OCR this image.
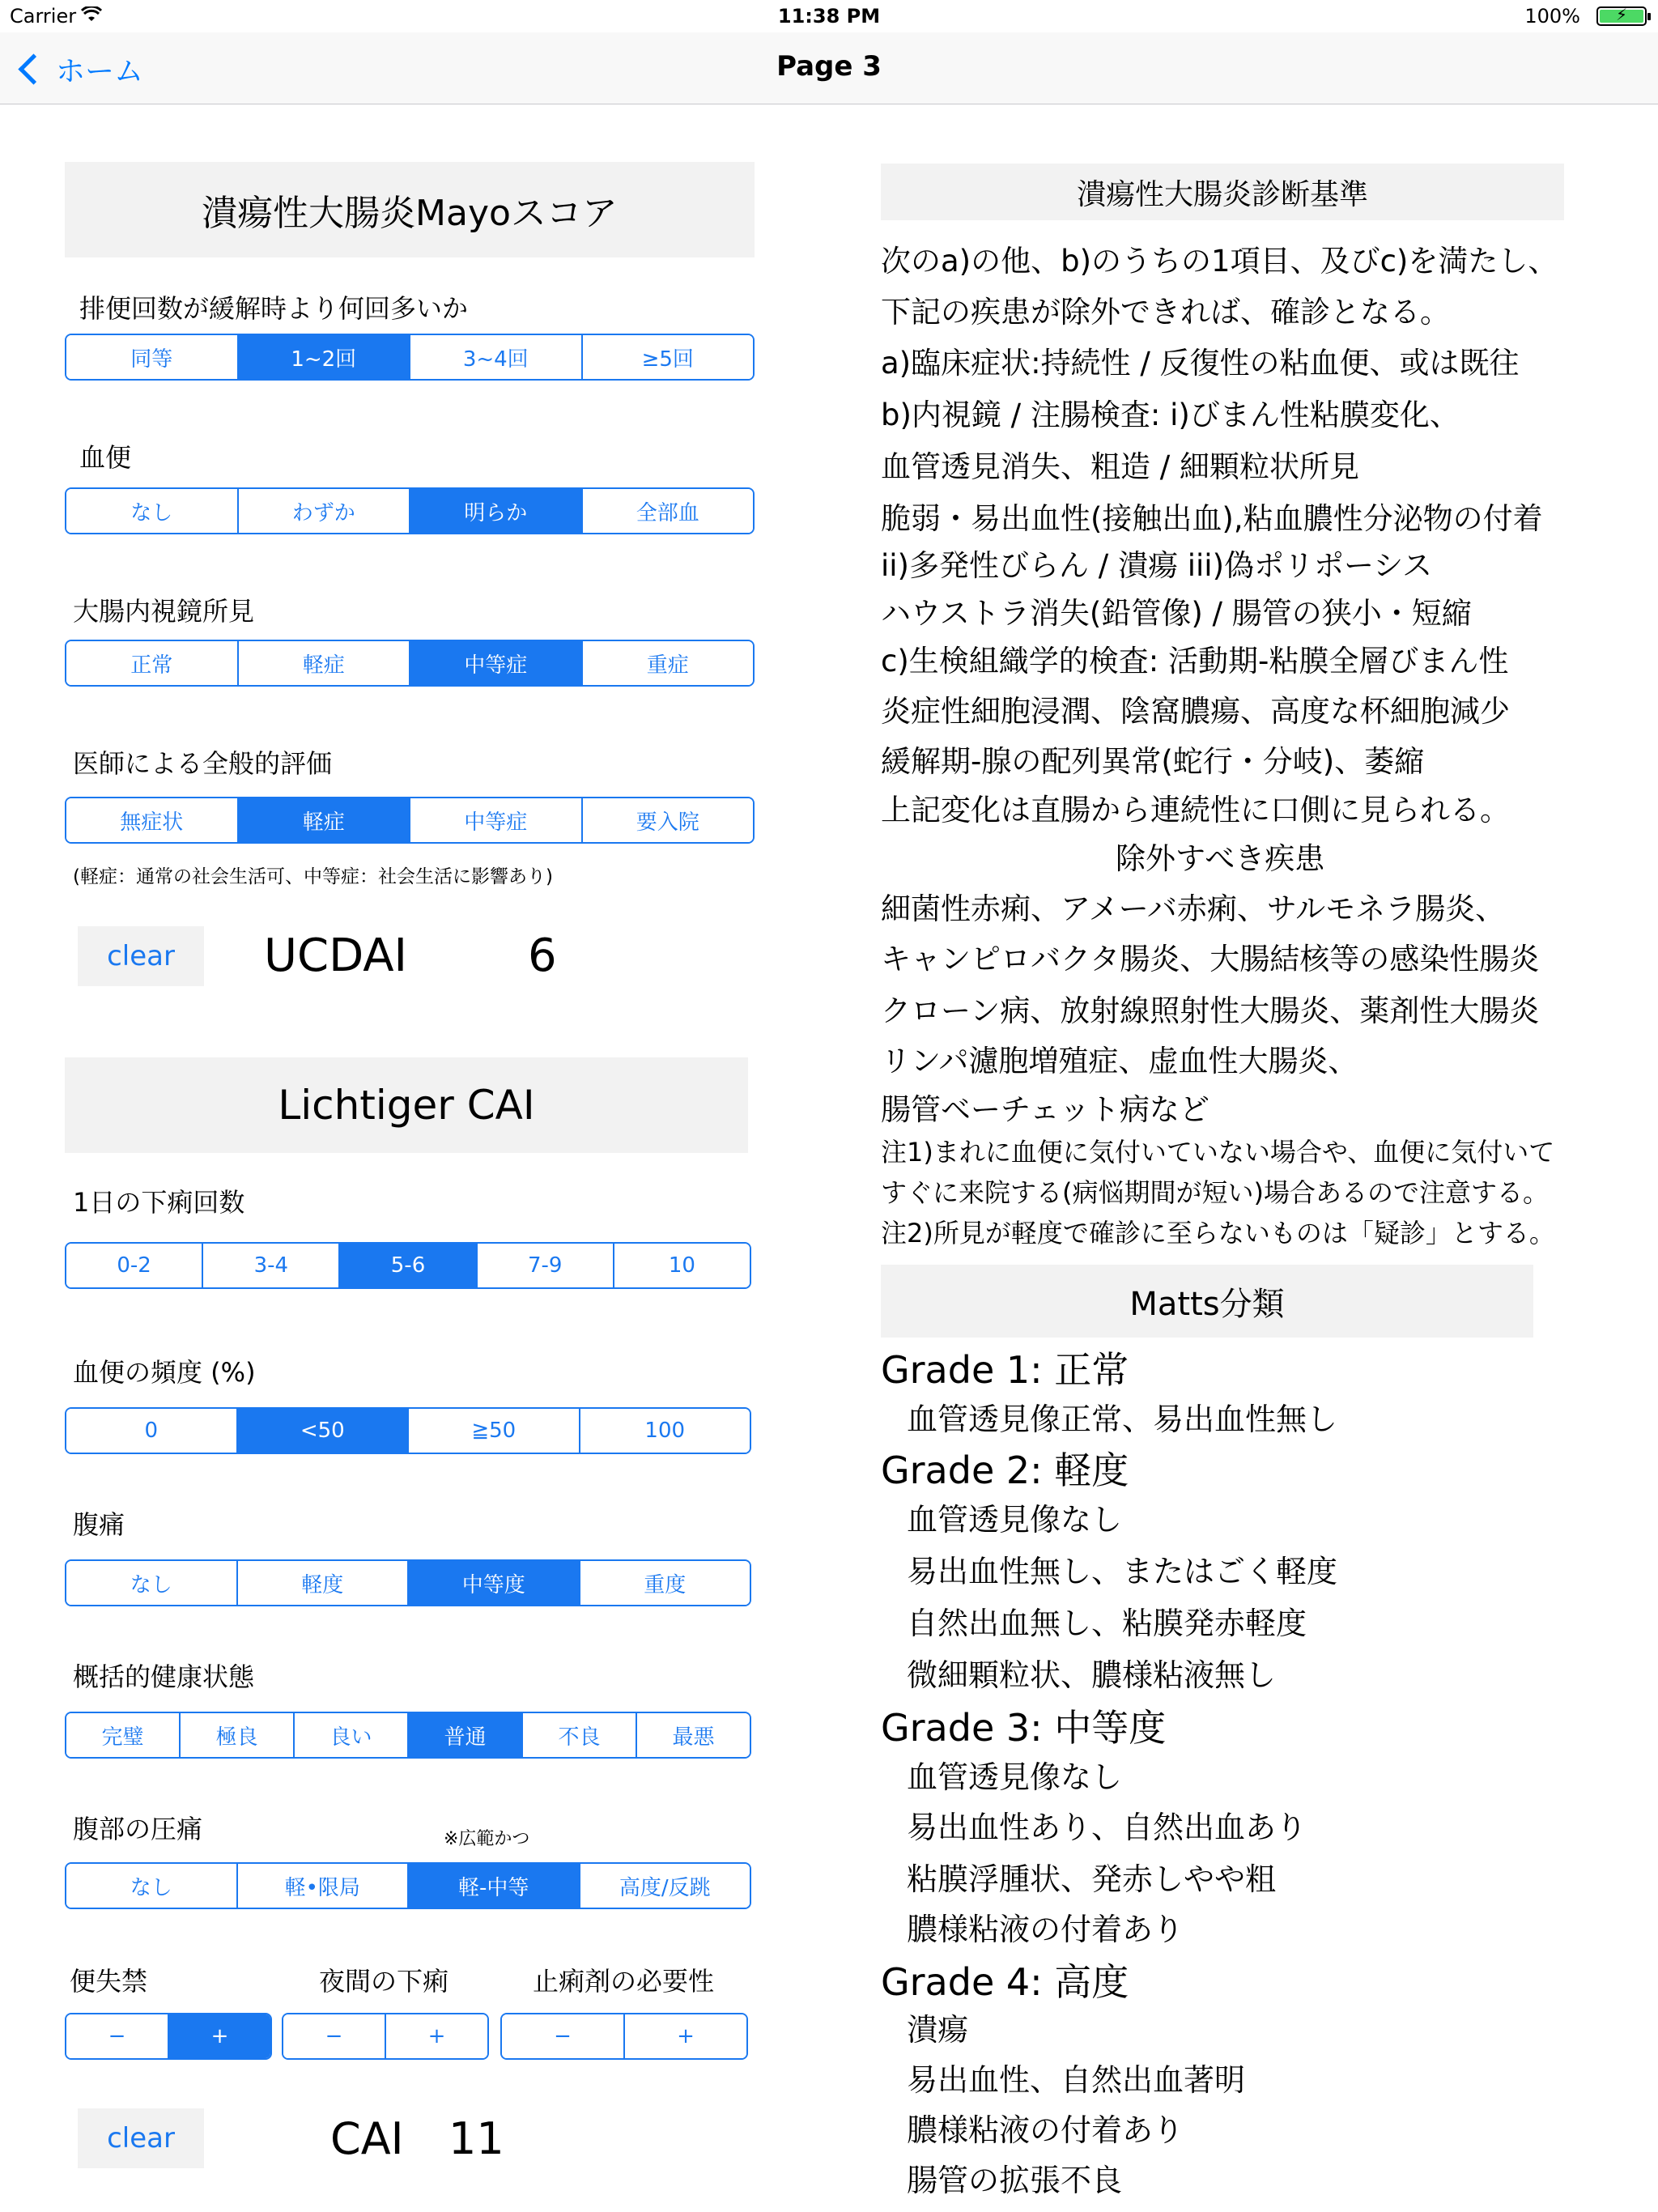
Carrier	11:38 PM	100%	⚡
ホーム	Page 3
潰瘍性大腸炎Mayoスコア
排便回数が緩解時より何回多いか
同等	1~2回	3~4回	≥5回
血便
なし	わずか	明らか	全部血
大腸内視鏡所見
正常	軽症	中等症	重症
医師による全般的評価
無症状	軽症	中等症	要入院
(軽症：通常の社会生活可、中等症：社会生活に影響あり)
clear	UCDAI	6
Lichtiger CAI
1日の下痢回数
0-2	3-4	5-6	7-9	10
血便の頻度 (%)
0	<50	≧50	100
腹痛
なし	軽度	中等度	重度
概括的健康状態
完璧	極良	良い	普通	不良	最悪
腹部の圧痛	※広範かつ
なし	軽•限局	軽-中等	高度/反跳
便失禁	夜間の下痢	止痢剤の必要性
−	+	−	+	−	+
clear	CAI 11
潰瘍性大腸炎診断基準
除外すべき疾患
Matts分類
次のa)の他、b)のうちの1項目、及びc)を満たし、
下記の疾患が除外できれば、確診となる。
a)臨床症状:持続性 / 反復性の粘血便、或は既往
b)内視鏡 / 注腸検査: i)びまん性粘膜変化、
血管透見消失、粗造 / 細顆粒状所見
脆弱・易出血性(接触出血),粘血膿性分泌物の付着
ii)多発性びらん / 潰瘍 iii)偽ポリポーシス
ハウストラ消失(鉛管像) / 腸管の狭小・短縮
c)生検組織学的検査: 活動期-粘膜全層びまん性
炎症性細胞浸潤、陰窩膿瘍、高度な杯細胞減少
緩解期-腺の配列異常(蛇行・分岐)、萎縮
上記変化は直腸から連続性に口側に見られる。
細菌性赤痢、アメーバ赤痢、サルモネラ腸炎、
キャンピロバクタ腸炎、大腸結核等の感染性腸炎
クローン病、放射線照射性大腸炎、薬剤性大腸炎
リンパ濾胞増殖症、虚血性大腸炎、
腸管ベーチェット病など
注1)まれに血便に気付いていない場合や、血便に気付いて
すぐに来院する(病悩期間が短い)場合あるので注意する。
注2)所見が軽度で確診に至らないものは「疑診」とする。
Grade 1: 正常
血管透見像正常、易出血性無し
Grade 2: 軽度
血管透見像なし
易出血性無し、またはごく軽度
自然出血無し、粘膜発赤軽度
微細顆粒状、膿様粘液無し
Grade 3: 中等度
血管透見像なし
易出血性あり、自然出血あり
粘膜浮腫状、発赤しやや粗
膿様粘液の付着あり
Grade 4: 高度
潰瘍
易出血性、自然出血著明
膿様粘液の付着あり
腸管の拡張不良
